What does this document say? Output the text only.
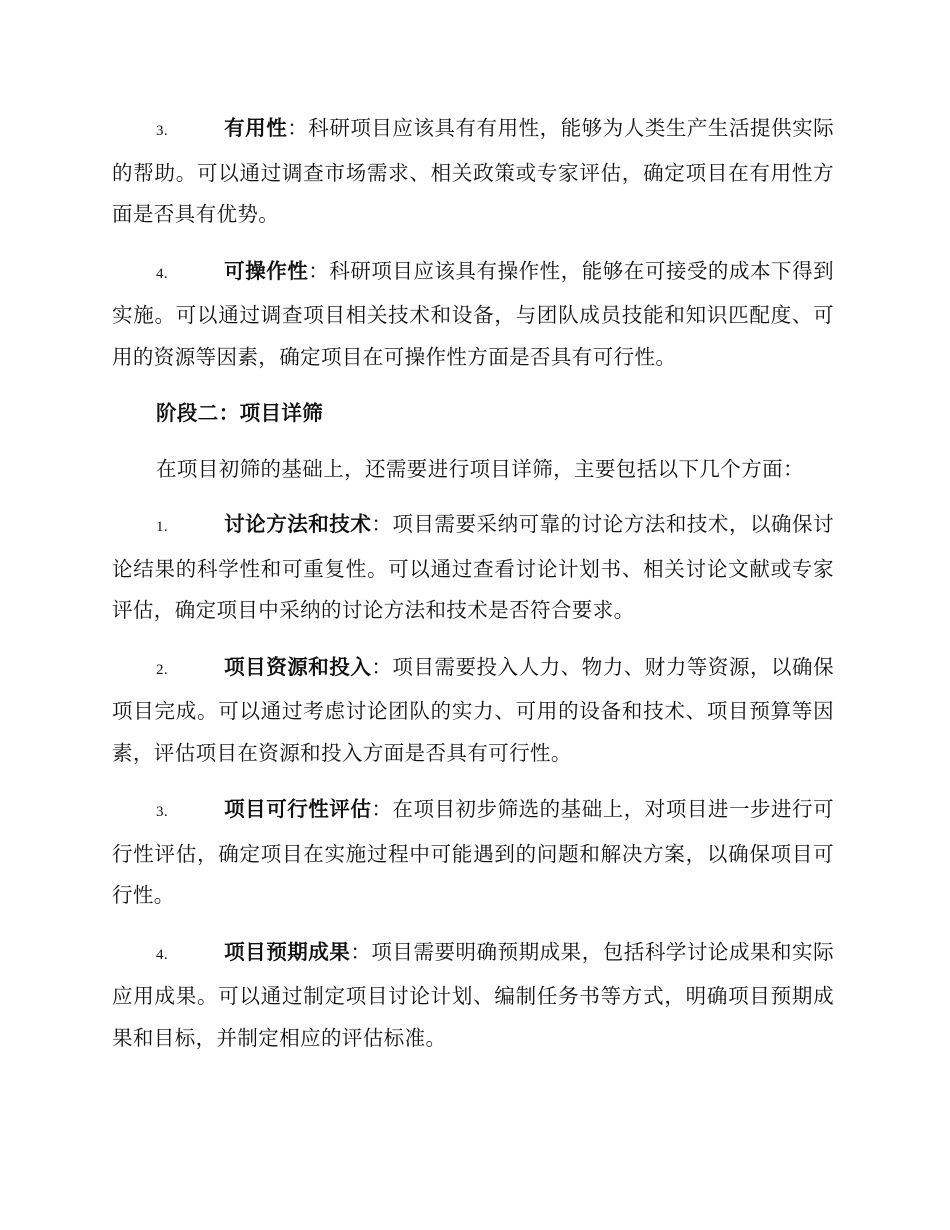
3.	有用性：科研项目应该具有有用性，能够为人类生产生活提供实际的帮助。可以通过调查市场需求、相关政策或专家评估，确定项目在有用性方面是否具有优势。

4.	可操作性：科研项目应该具有操作性，能够在可接受的成本下得到实施。可以通过调查项目相关技术和设备，与团队成员技能和知识匹配度、可用的资源等因素，确定项目在可操作性方面是否具有可行性。

阶段二：项目详筛

在项目初筛的基础上，还需要进行项目详筛，主要包括以下几个方面：

1.	讨论方法和技术：项目需要采纳可靠的讨论方法和技术，以确保讨论结果的科学性和可重复性。可以通过查看讨论计划书、相关讨论文献或专家评估，确定项目中采纳的讨论方法和技术是否符合要求。

2.	项目资源和投入：项目需要投入人力、物力、财力等资源，以确保项目完成。可以通过考虑讨论团队的实力、可用的设备和技术、项目预算等因素，评估项目在资源和投入方面是否具有可行性。

3.	项目可行性评估：在项目初步筛选的基础上，对项目进一步进行可行性评估，确定项目在实施过程中可能遇到的问题和解决方案，以确保项目可行性。

4.	项目预期成果：项目需要明确预期成果，包括科学讨论成果和实际应用成果。可以通过制定项目讨论计划、编制任务书等方式，明确项目预期成果和目标，并制定相应的评估标准。
